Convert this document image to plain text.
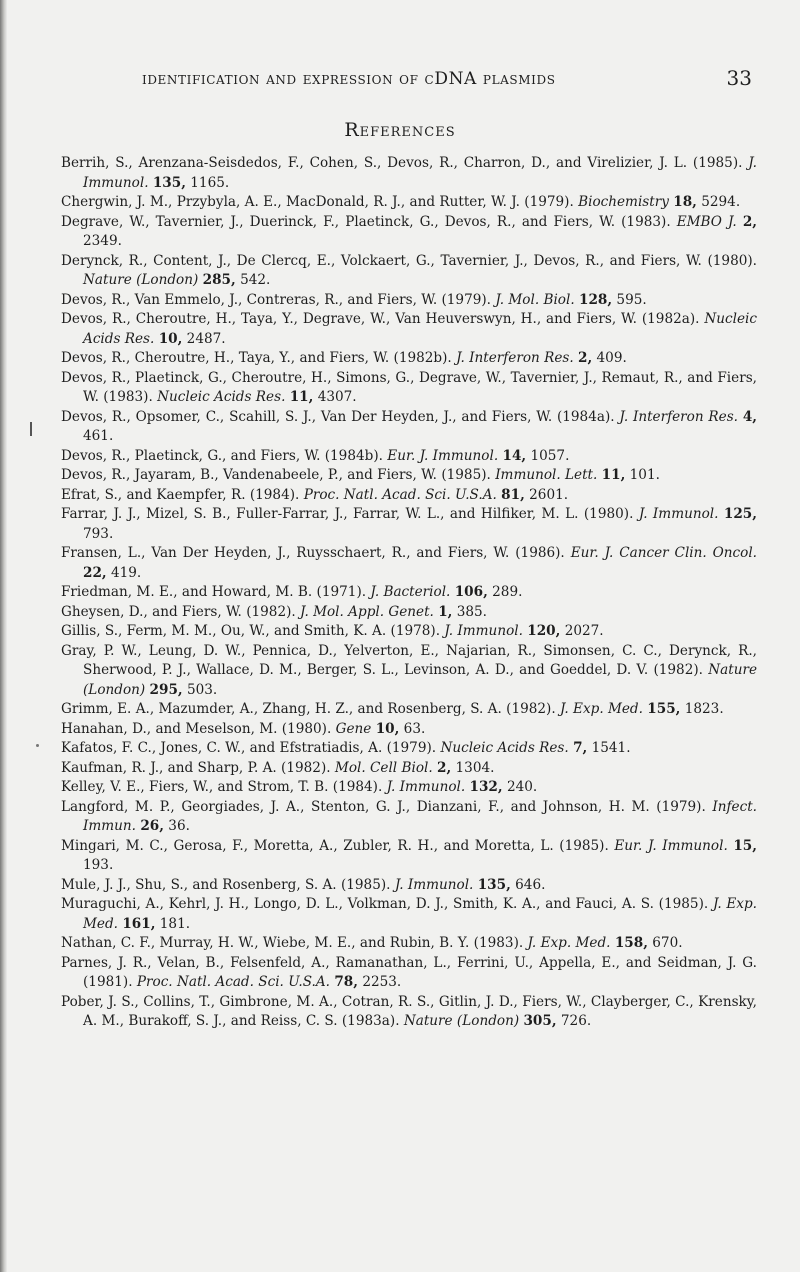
identification and expression of cDNA plasmids	33
References
Berrih, S., Arenzana-Seisdedos, F., Cohen, S., Devos, R., Charron, D., and Virelizier, J. L. (1985). J. Immunol. 135, 1165.
Chergwin, J. M., Przybyla, A. E., MacDonald, R. J., and Rutter, W. J. (1979). Biochemistry 18, 5294.
Degrave, W., Tavernier, J., Duerinck, F., Plaetinck, G., Devos, R., and Fiers, W. (1983). EMBO J. 2, 2349.
Derynck, R., Content, J., De Clercq, E., Volckaert, G., Tavernier, J., Devos, R., and Fiers, W. (1980). Nature (London) 285, 542.
Devos, R., Van Emmelo, J., Contreras, R., and Fiers, W. (1979). J. Mol. Biol. 128, 595.
Devos, R., Cheroutre, H., Taya, Y., Degrave, W., Van Heuverswyn, H., and Fiers, W. (1982a). Nucleic Acids Res. 10, 2487.
Devos, R., Cheroutre, H., Taya, Y., and Fiers, W. (1982b). J. Interferon Res. 2, 409.
Devos, R., Plaetinck, G., Cheroutre, H., Simons, G., Degrave, W., Tavernier, J., Remaut, R., and Fiers, W. (1983). Nucleic Acids Res. 11, 4307.
Devos, R., Opsomer, C., Scahill, S. J., Van Der Heyden, J., and Fiers, W. (1984a). J. Interferon Res. 4, 461.
Devos, R., Plaetinck, G., and Fiers, W. (1984b). Eur. J. Immunol. 14, 1057.
Devos, R., Jayaram, B., Vandenabeele, P., and Fiers, W. (1985). Immunol. Lett. 11, 101.
Efrat, S., and Kaempfer, R. (1984). Proc. Natl. Acad. Sci. U.S.A. 81, 2601.
Farrar, J. J., Mizel, S. B., Fuller-Farrar, J., Farrar, W. L., and Hilfiker, M. L. (1980). J. Immunol. 125, 793.
Fransen, L., Van Der Heyden, J., Ruysschaert, R., and Fiers, W. (1986). Eur. J. Cancer Clin. Oncol. 22, 419.
Friedman, M. E., and Howard, M. B. (1971). J. Bacteriol. 106, 289.
Gheysen, D., and Fiers, W. (1982). J. Mol. Appl. Genet. 1, 385.
Gillis, S., Ferm, M. M., Ou, W., and Smith, K. A. (1978). J. Immunol. 120, 2027.
Gray, P. W., Leung, D. W., Pennica, D., Yelverton, E., Najarian, R., Simonsen, C. C., Derynck, R., Sherwood, P. J., Wallace, D. M., Berger, S. L., Levinson, A. D., and Goeddel, D. V. (1982). Nature (London) 295, 503.
Grimm, E. A., Mazumder, A., Zhang, H. Z., and Rosenberg, S. A. (1982). J. Exp. Med. 155, 1823.
Hanahan, D., and Meselson, M. (1980). Gene 10, 63.
Kafatos, F. C., Jones, C. W., and Efstratiadis, A. (1979). Nucleic Acids Res. 7, 1541.
Kaufman, R. J., and Sharp, P. A. (1982). Mol. Cell Biol. 2, 1304.
Kelley, V. E., Fiers, W., and Strom, T. B. (1984). J. Immunol. 132, 240.
Langford, M. P., Georgiades, J. A., Stenton, G. J., Dianzani, F., and Johnson, H. M. (1979). Infect. Immun. 26, 36.
Mingari, M. C., Gerosa, F., Moretta, A., Zubler, R. H., and Moretta, L. (1985). Eur. J. Immunol. 15, 193.
Mule, J. J., Shu, S., and Rosenberg, S. A. (1985). J. Immunol. 135, 646.
Muraguchi, A., Kehrl, J. H., Longo, D. L., Volkman, D. J., Smith, K. A., and Fauci, A. S. (1985). J. Exp. Med. 161, 181.
Nathan, C. F., Murray, H. W., Wiebe, M. E., and Rubin, B. Y. (1983). J. Exp. Med. 158, 670.
Parnes, J. R., Velan, B., Felsenfeld, A., Ramanathan, L., Ferrini, U., Appella, E., and Seidman, J. G. (1981). Proc. Natl. Acad. Sci. U.S.A. 78, 2253.
Pober, J. S., Collins, T., Gimbrone, M. A., Cotran, R. S., Gitlin, J. D., Fiers, W., Clayberger, C., Krensky, A. M., Burakoff, S. J., and Reiss, C. S. (1983a). Nature (London) 305, 726.
